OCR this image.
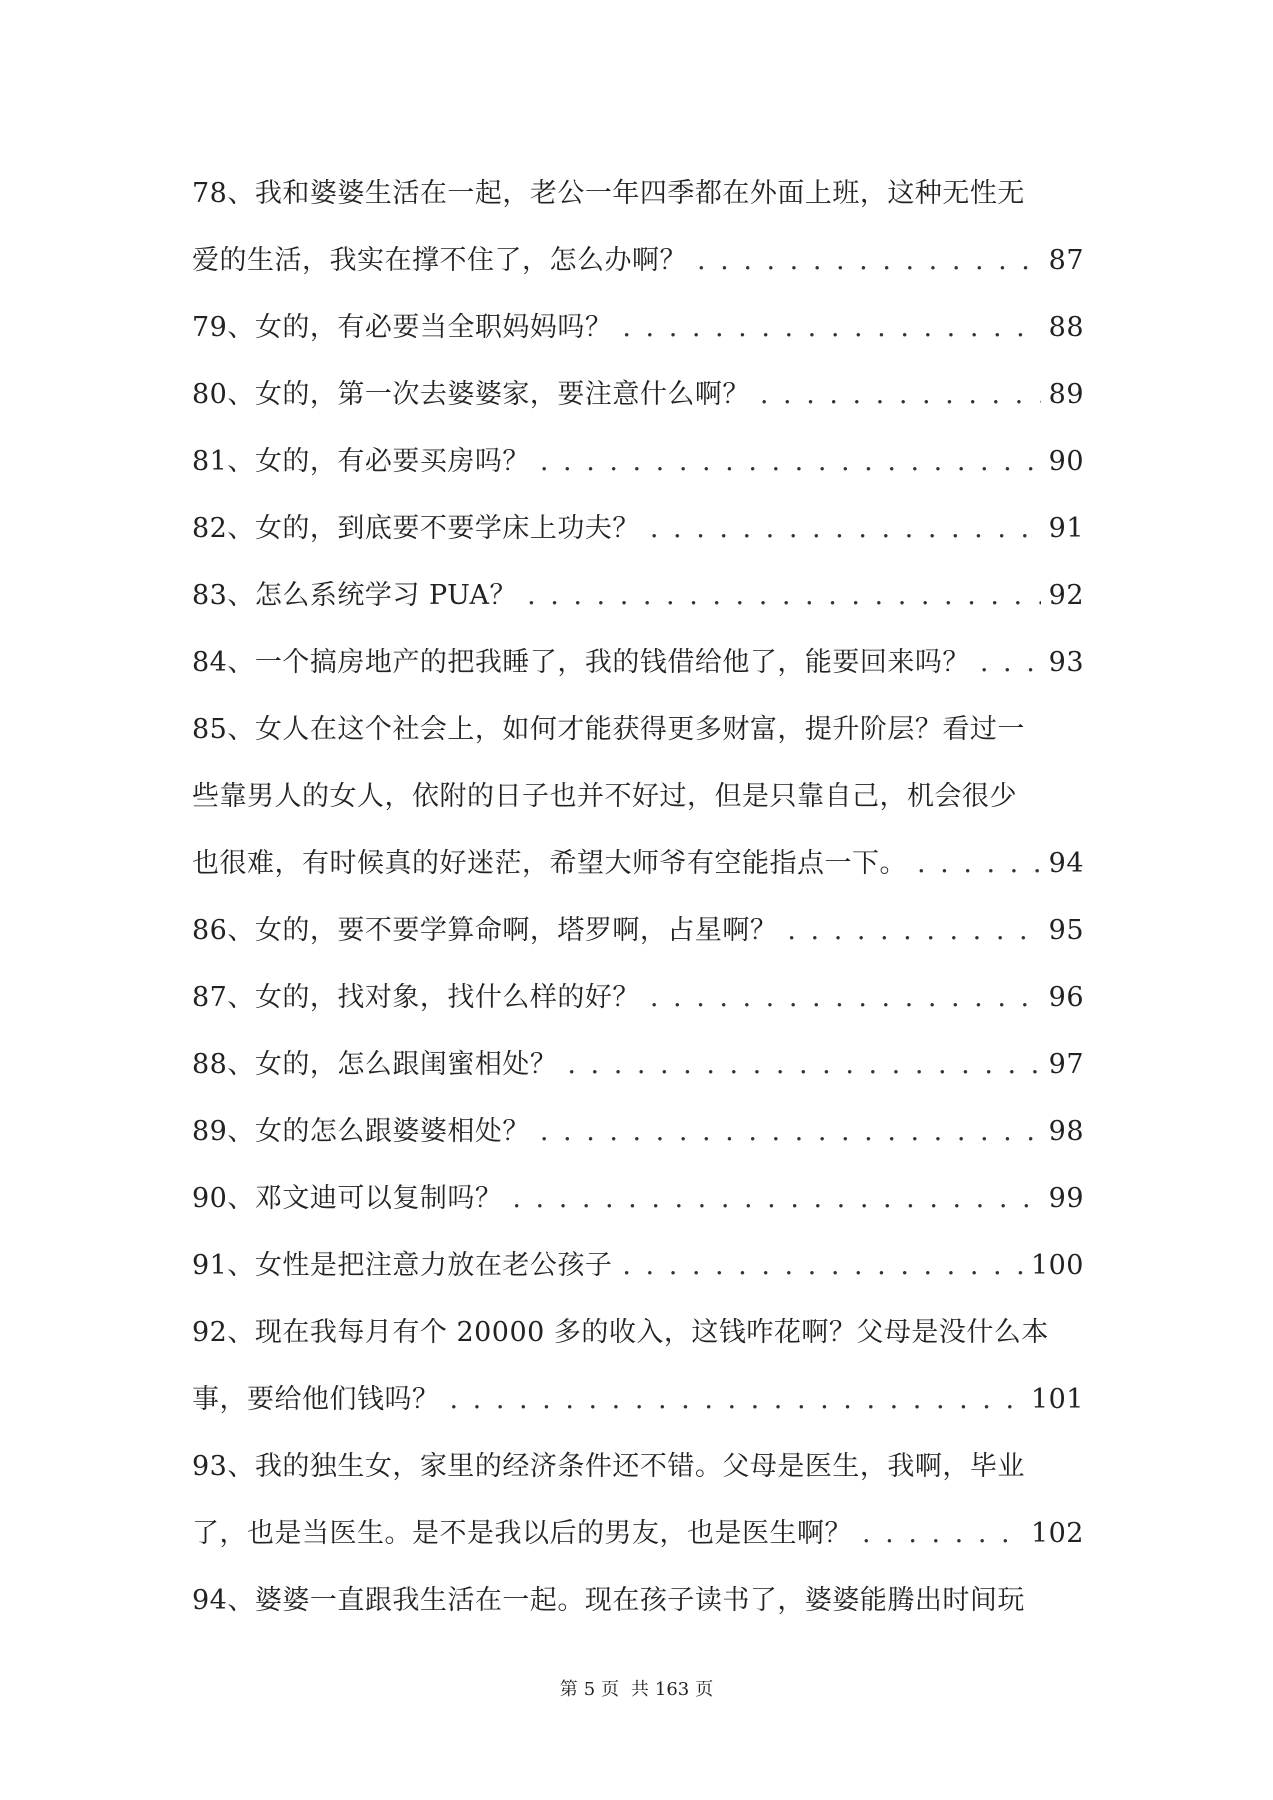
78、我和婆婆生活在一起，老公一年四季都在外面上班，这种无性无
爱的生活，我实在撑不住了，怎么办啊？ . . .	87
79、女的，有必要当全职妈妈吗？ . . .	88
80、女的，第一次去婆婆家，要注意什么啊？ . . .	89
81、女的，有必要买房吗？ . . .	90
82、女的，到底要不要学床上功夫？ . . .	91
83、怎么系统学习 PUA？ . . .	92
84、一个搞房地产的把我睡了，我的钱借给他了，能要回来吗？ . . .	93
85、女人在这个社会上，如何才能获得更多财富，提升阶层？看过一
些靠男人的女人，依附的日子也并不好过，但是只靠自己，机会很少
也很难，有时候真的好迷茫，希望大师爷有空能指点一下。 . . .	94
86、女的，要不要学算命啊，塔罗啊，占星啊？ . . .	95
87、女的，找对象，找什么样的好？ . . .	96
88、女的，怎么跟闺蜜相处？ . . .	97
89、女的怎么跟婆婆相处？ . . .	98
90、邓文迪可以复制吗？ . . .	99
91、女性是把注意力放在老公孩子 . . .	100
92、现在我每月有个 20000 多的收入，这钱咋花啊？父母是没什么本
事，要给他们钱吗？ . . .	101
93、我的独生女，家里的经济条件还不错。父母是医生，我啊，毕业
了，也是当医生。是不是我以后的男友，也是医生啊？ . . .	102
94、婆婆一直跟我生活在一起。现在孩子读书了，婆婆能腾出时间玩
第 5 页 共 163 页
